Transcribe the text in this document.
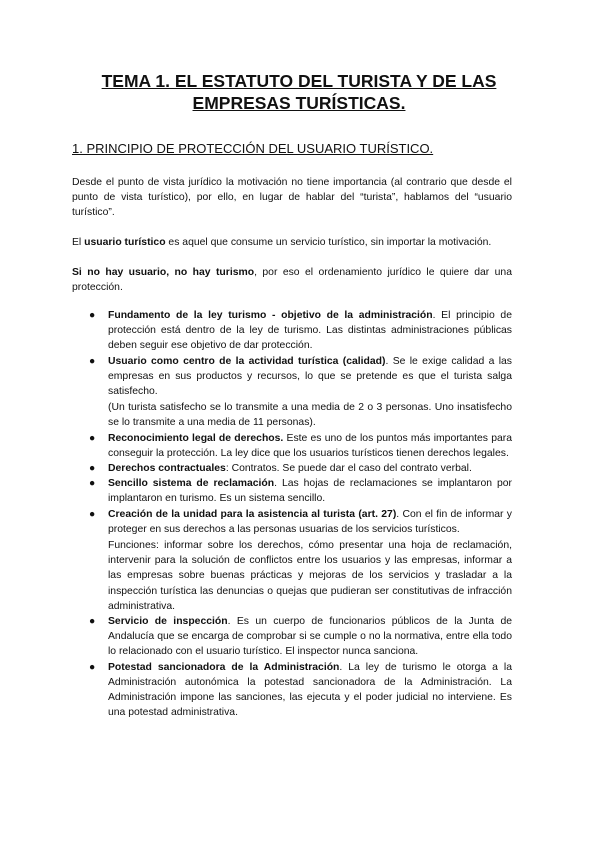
TEMA 1. EL ESTATUTO DEL TURISTA Y DE LAS
EMPRESAS TURÍSTICAS.
1. PRINCIPIO DE PROTECCIÓN DEL USUARIO TURÍSTICO.

Desde el punto de vista jurídico la motivación no tiene importancia (al contrario que desde el punto de vista turístico), por ello, en lugar de hablar del “turista”, hablamos del “usuario turístico”.

El usuario turístico es aquel que consume un servicio turístico, sin importar la motivación.

Si no hay usuario, no hay turismo, por eso el ordenamiento jurídico le quiere dar una protección.

● Fundamento de la ley turismo - objetivo de la administración. El principio de protección está dentro de la ley de turismo. Las distintas administraciones públicas deben seguir ese objetivo de dar protección.
● Usuario como centro de la actividad turística (calidad). Se le exige calidad a las empresas en sus productos y recursos, lo que se pretende es que el turista salga satisfecho.
(Un turista satisfecho se lo transmite a una media de 2 o 3 personas. Uno insatisfecho se lo transmite a una media de 11 personas).
● Reconocimiento legal de derechos. Este es uno de los puntos más importantes para conseguir la protección. La ley dice que los usuarios turísticos tienen derechos legales.
● Derechos contractuales: Contratos. Se puede dar el caso del contrato verbal.
● Sencillo sistema de reclamación. Las hojas de reclamaciones se implantaron por implantaron en turismo. Es un sistema sencillo.
● Creación de la unidad para la asistencia al turista (art. 27). Con el fin de informar y proteger en sus derechos a las personas usuarias de los servicios turísticos.
Funciones: informar sobre los derechos, cómo presentar una hoja de reclamación, intervenir para la solución de conflictos entre los usuarios y las empresas, informar a las empresas sobre buenas prácticas y mejoras de los servicios y trasladar a la inspección turística las denuncias o quejas que pudieran ser constitutivas de infracción administrativa.
● Servicio de inspección. Es un cuerpo de funcionarios públicos de la Junta de Andalucía que se encarga de comprobar si se cumple o no la normativa, entre ella todo lo relacionado con el usuario turístico. El inspector nunca sanciona.
● Potestad sancionadora de la Administración. La ley de turismo le otorga a la Administración autonómica la potestad sancionadora de la Administración. La Administración impone las sanciones, las ejecuta y el poder judicial no interviene. Es una potestad administrativa.
